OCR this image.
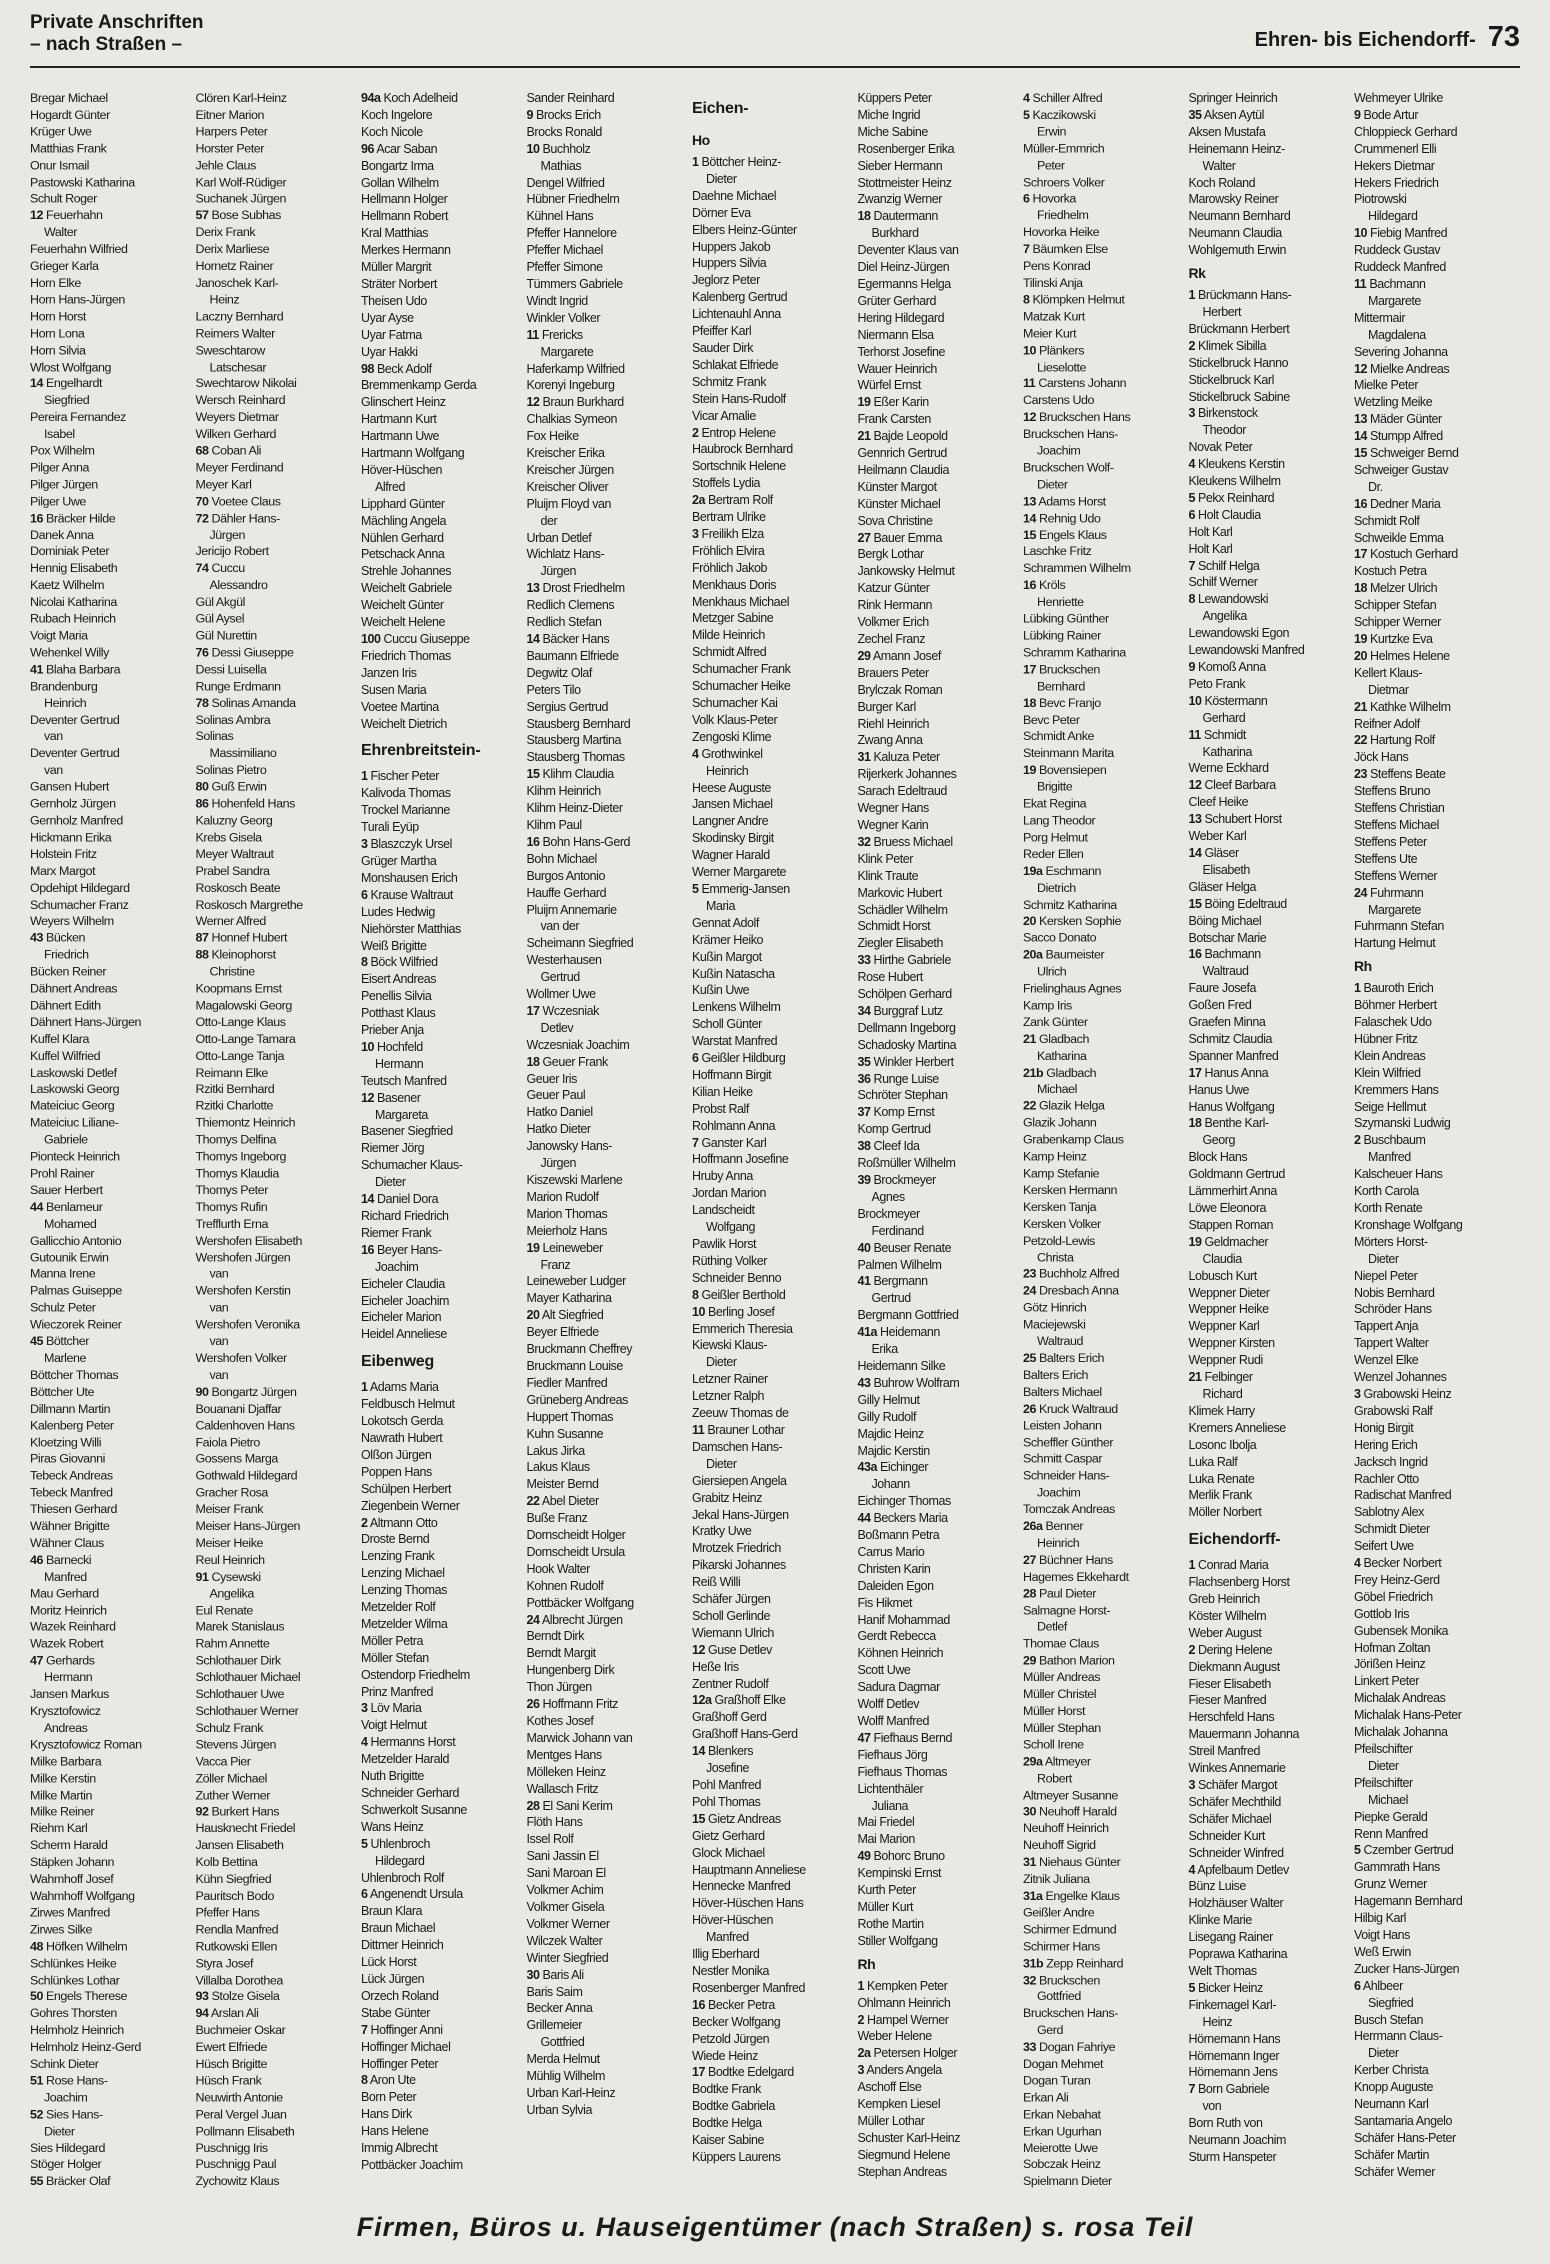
Private Anschriften
– nach Straßen –	Ehren- bis Eichendorff- 73
Bregar Michael
Hogardt Günter
Krüger Uwe
Matthias Frank
Onur Ismail
Pastowski Katharina
Schult Roger
12 Feuerhahn
Walter
Feuerhahn Wilfried
Grieger Karla
Horn Elke
Horn Hans-Jürgen
Horn Horst
Horn Lona
Horn Silvia
Wlost Wolfgang
14 Engelhardt
Siegfried
Pereira Fernandez
Isabel
Pox Wilhelm
Pilger Anna
Pilger Jürgen
Pilger Uwe
16 Bräcker Hilde
Danek Anna
Dominiak Peter
Hennig Elisabeth
Kaetz Wilhelm
Nicolai Katharina
Rubach Heinrich
Voigt Maria
Wehenkel Willy
41 Blaha Barbara
Brandenburg
Heinrich
Deventer Gertrud
van
Deventer Gertrud
van
Gansen Hubert
Gernholz Jürgen
Gernholz Manfred
Hickmann Erika
Holstein Fritz
Marx Margot
Opdehipt Hildegard
Schumacher Franz
Weyers Wilhelm
43 Bücken
Friedrich
Bücken Reiner
Dähnert Andreas
Dähnert Edith
Dähnert Hans-Jürgen
Kuffel Klara
Kuffel Wilfried
Laskowski Detlef
Laskowski Georg
Mateiciuc Georg
Mateiciuc Liliane-
Gabriele
Pionteck Heinrich
Prohl Rainer
Sauer Herbert
44 Benlameur
Mohamed
Gallicchio Antonio
Gutounik Erwin
Manna Irene
Palmas Guiseppe
Schulz Peter
Wieczorek Reiner
45 Böttcher
Marlene
Böttcher Thomas
Böttcher Ute
Dillmann Martin
Kalenberg Peter
Kloetzing Willi
Piras Giovanni
Tebeck Andreas
Tebeck Manfred
Thiesen Gerhard
Wähner Brigitte
Wähner Claus
46 Barnecki
Manfred
Mau Gerhard
Moritz Heinrich
Wazek Reinhard
Wazek Robert
47 Gerhards
Hermann
Jansen Markus
Krysztofowicz
Andreas
Krysztofowicz Roman
Milke Barbara
Milke Kerstin
Milke Martin
Milke Reiner
Riehm Karl
Scherm Harald
Stäpken Johann
Wahmhoff Josef
Wahmhoff Wolfgang
Zirwes Manfred
Zirwes Silke
48 Höfken Wilhelm
Schlünkes Heike
Schlünkes Lothar
50 Engels Therese
Gohres Thorsten
Helmholz Heinrich
Helmholz Heinz-Gerd
Schink Dieter
51 Rose Hans-
Joachim
52 Sies Hans-
Dieter
Sies Hildegard
Stöger Holger
55 Bräcker Olaf
Clören Karl-Heinz
Eitner Marion
Harpers Peter
Horster Peter
Jehle Claus
Karl Wolf-Rüdiger
Suchanek Jürgen
57 Bose Subhas
Derix Frank
Derix Marliese
Hornetz Rainer
Janoschek Karl-
Heinz
Laczny Bernhard
Reimers Walter
Sweschtarow
Latschesar
Swechtarow Nikolai
Wersch Reinhard
Weyers Dietmar
Wilken Gerhard
68 Coban Ali
Meyer Ferdinand
Meyer Karl
70 Voetee Claus
72 Dähler Hans-
Jürgen
Jericijo Robert
74 Cuccu
Alessandro
Gül Akgül
Gül Aysel
Gül Nurettin
76 Dessi Giuseppe
Dessi Luisella
Runge Erdmann
78 Solinas Amanda
Solinas Ambra
Solinas
Massimiliano
Solinas Pietro
80 Guß Erwin
86 Hohenfeld Hans
Kaluzny Georg
Krebs Gisela
Meyer Waltraut
Prabel Sandra
Roskosch Beate
Roskosch Margrethe
Werner Alfred
87 Honnef Hubert
88 Kleinophorst
Christine
Koopmans Ernst
Magalowski Georg
Otto-Lange Klaus
Otto-Lange Tamara
Otto-Lange Tanja
Reimann Elke
Rzitki Bernhard
Rzitki Charlotte
Thiemontz Heinrich
Thomys Delfina
Thomys Ingeborg
Thomys Klaudia
Thomys Peter
Thomys Rufin
Trefflurth Erna
Wershofen Elisabeth
Wershofen Jürgen
van
Wershofen Kerstin
van
Wershofen Veronika
van
Wershofen Volker
van
90 Bongartz Jürgen
Bouanani Djaffar
Caldenhoven Hans
Faiola Pietro
Gossens Marga
Gothwald Hildegard
Gracher Rosa
Meiser Frank
Meiser Hans-Jürgen
Meiser Heike
Reul Heinrich
91 Cysewski
Angelika
Eul Renate
Marek Stanislaus
Rahm Annette
Schlothauer Dirk
Schlothauer Michael
Schlothauer Uwe
Schlothauer Werner
Schulz Frank
Stevens Jürgen
Vacca Pier
Zöller Michael
Zuther Werner
92 Burkert Hans
Hausknecht Friedel
Jansen Elisabeth
Kolb Bettina
Kühn Siegfried
Pauritsch Bodo
Pfeffer Hans
Rendla Manfred
Rutkowski Ellen
Styra Josef
Villalba Dorothea
93 Stolze Gisela
94 Arslan Ali
Buchmeier Oskar
Ewert Elfriede
Hüsch Brigitte
Hüsch Frank
Neuwirth Antonie
Peral Vergel Juan
Pollmann Elisabeth
Puschnigg Iris
Puschnigg Paul
Zychowitz Klaus
94a Koch Adelheid
Koch Ingelore
Koch Nicole
96 Acar Saban
Bongartz Irma
Gollan Wilhelm
Hellmann Holger
Hellmann Robert
Kral Matthias
Merkes Hermann
Müller Margrit
Sträter Norbert
Theisen Udo
Uyar Ayse
Uyar Fatma
Uyar Hakki
98 Beck Adolf
Bremmenkamp Gerda
Glinschert Heinz
Hartmann Kurt
Hartmann Uwe
Hartmann Wolfgang
Höver-Hüschen
Alfred
Lipphard Günter
Mächling Angela
Nühlen Gerhard
Petschack Anna
Strehle Johannes
Weichelt Gabriele
Weichelt Günter
Weichelt Helene
100 Cuccu Giuseppe
Friedrich Thomas
Janzen Iris
Susen Maria
Voetee Martina
Weichelt Dietrich
Ehrenbreitstein-
1 Fischer Peter
Kalivoda Thomas
Trockel Marianne
Turali Eyüp
3 Blaszczyk Ursel
Grüger Martha
Monshausen Erich
6 Krause Waltraut
Ludes Hedwig
Niehörster Matthias
Weiß Brigitte
8 Böck Wilfried
Eisert Andreas
Penellis Silvia
Potthast Klaus
Prieber Anja
10 Hochfeld
Hermann
Teutsch Manfred
12 Basener
Margareta
Basener Siegfried
Riemer Jörg
Schumacher Klaus-
Dieter
14 Daniel Dora
Richard Friedrich
Riemer Frank
16 Beyer Hans-
Joachim
Eicheler Claudia
Eicheler Joachim
Eicheler Marion
Heidel Anneliese
Eibenweg
1 Adams Maria
Feldbusch Helmut
Lokotsch Gerda
Nawrath Hubert
Olßon Jürgen
Poppen Hans
Schülpen Herbert
Ziegenbein Werner
2 Altmann Otto
Droste Bernd
Lenzing Frank
Lenzing Michael
Lenzing Thomas
Metzelder Rolf
Metzelder Wilma
Möller Petra
Möller Stefan
Ostendorp Friedhelm
Prinz Manfred
3 Löv Maria
Voigt Helmut
4 Hermanns Horst
Metzelder Harald
Nuth Brigitte
Schneider Gerhard
Schwerkolt Susanne
Wans Heinz
5 Uhlenbroch
Hildegard
Uhlenbroch Rolf
6 Angenendt Ursula
Braun Klara
Braun Michael
Dittmer Heinrich
Lück Horst
Lück Jürgen
Orzech Roland
Stabe Günter
7 Hoffinger Anni
Hoffinger Michael
Hoffinger Peter
8 Aron Ute
Born Peter
Hans Dirk
Hans Helene
Immig Albrecht
Pottbäcker Joachim
Sander Reinhard
9 Brocks Erich
Brocks Ronald
10 Buchholz
Mathias
Dengel Wilfried
Hübner Friedhelm
Kühnel Hans
Pfeffer Hannelore
Pfeffer Michael
Pfeffer Simone
Tümmers Gabriele
Windt Ingrid
Winkler Volker
11 Frericks
Margarete
Haferkamp Wilfried
Korenyi Ingeburg
12 Braun Burkhard
Chalkias Symeon
Fox Heike
Kreischer Erika
Kreischer Jürgen
Kreischer Oliver
Pluijm Floyd van
der
Urban Detlef
Wichlatz Hans-
Jürgen
13 Drost Friedhelm
Redlich Clemens
Redlich Stefan
14 Bäcker Hans
Baumann Elfriede
Degwitz Olaf
Peters Tilo
Sergius Gertrud
Stausberg Bernhard
Stausberg Martina
Stausberg Thomas
15 Klihm Claudia
Klihm Heinrich
Klihm Heinz-Dieter
Klihm Paul
16 Bohn Hans-Gerd
Bohn Michael
Burgos Antonio
Hauffe Gerhard
Pluijm Annemarie
van der
Scheimann Siegfried
Westerhausen
Gertrud
Wollmer Uwe
17 Wczesniak
Detlev
Wczesniak Joachim
18 Geuer Frank
Geuer Iris
Geuer Paul
Hatko Daniel
Hatko Dieter
Janowsky Hans-
Jürgen
Kiszewski Marlene
Marion Rudolf
Marion Thomas
Meierholz Hans
19 Leineweber
Franz
Leineweber Ludger
Mayer Katharina
20 Alt Siegfried
Beyer Elfriede
Bruckmann Cheffrey
Bruckmann Louise
Fiedler Manfred
Grüneberg Andreas
Huppert Thomas
Kuhn Susanne
Lakus Jirka
Lakus Klaus
Meister Bernd
22 Abel Dieter
Buße Franz
Dornscheidt Holger
Dornscheidt Ursula
Hook Walter
Kohnen Rudolf
Pottbäcker Wolfgang
24 Albrecht Jürgen
Berndt Dirk
Berndt Margit
Hungenberg Dirk
Thon Jürgen
26 Hoffmann Fritz
Kothes Josef
Marwick Johann van
Mentges Hans
Mölleken Heinz
Wallasch Fritz
28 El Sani Kerim
Flöth Hans
Issel Rolf
Sani Jassin El
Sani Maroan El
Volkmer Achim
Volkmer Gisela
Volkmer Werner
Wilczek Walter
Winter Siegfried
30 Baris Ali
Baris Saim
Becker Anna
Grillemeier
Gottfried
Merda Helmut
Mühlig Wilhelm
Urban Karl-Heinz
Urban Sylvia
Eichen-
Ho
1 Böttcher Heinz-
Dieter
Daehne Michael
Dörner Eva
Elbers Heinz-Günter
Huppers Jakob
Huppers Silvia
Jeglorz Peter
Kalenberg Gertrud
Lichtenauhl Anna
Pfeiffer Karl
Sauder Dirk
Schlakat Elfriede
Schmitz Frank
Stein Hans-Rudolf
Vicar Amalie
2 Entrop Helene
Haubrock Bernhard
Sortschnik Helene
Stoffels Lydia
2a Bertram Rolf
Bertram Ulrike
3 Freilikh Elza
Fröhlich Elvira
Fröhlich Jakob
Menkhaus Doris
Menkhaus Michael
Metzger Sabine
Milde Heinrich
Schmidt Alfred
Schumacher Frank
Schumacher Heike
Schumacher Kai
Volk Klaus-Peter
Zengoski Klime
4 Grothwinkel
Heinrich
Heese Auguste
Jansen Michael
Langner Andre
Skodinsky Birgit
Wagner Harald
Werner Margarete
5 Emmerig-Jansen
Maria
Gennat Adolf
Krämer Heiko
Kußin Margot
Kußin Natascha
Kußin Uwe
Lenkens Wilhelm
Scholl Günter
Warstat Manfred
6 Geißler Hildburg
Hoffmann Birgit
Kilian Heike
Probst Ralf
Rohlmann Anna
7 Ganster Karl
Hoffmann Josefine
Hruby Anna
Jordan Marion
Landscheidt
Wolfgang
Pawlik Horst
Rüthing Volker
Schneider Benno
8 Geißler Berthold
10 Berling Josef
Emmerich Theresia
Kiewski Klaus-
Dieter
Letzner Rainer
Letzner Ralph
Zeeuw Thomas de
11 Brauner Lothar
Damschen Hans-
Dieter
Giersiepen Angela
Grabitz Heinz
Jekal Hans-Jürgen
Kratky Uwe
Mrotzek Friedrich
Pikarski Johannes
Reiß Willi
Schäfer Jürgen
Scholl Gerlinde
Wiemann Ulrich
12 Guse Detlev
Heße Iris
Zentner Rudolf
12a Graßhoff Elke
Graßhoff Gerd
Graßhoff Hans-Gerd
14 Blenkers
Josefine
Pohl Manfred
Pohl Thomas
15 Gietz Andreas
Gietz Gerhard
Glock Michael
Hauptmann Anneliese
Hennecke Manfred
Höver-Hüschen Hans
Höver-Hüschen
Manfred
Illig Eberhard
Nestler Monika
Rosenberger Manfred
16 Becker Petra
Becker Wolfgang
Petzold Jürgen
Wiede Heinz
17 Bodtke Edelgard
Bodtke Frank
Bodtke Gabriela
Bodtke Helga
Kaiser Sabine
Küppers Laurens
Küppers Peter
Miche Ingrid
Miche Sabine
Rosenberger Erika
Sieber Hermann
Stottmeister Heinz
Zwanzig Werner
18 Dautermann
Burkhard
Deventer Klaus van
Diel Heinz-Jürgen
Egermanns Helga
Grüter Gerhard
Hering Hildegard
Niermann Elsa
Terhorst Josefine
Wauer Heinrich
Würfel Ernst
19 Eßer Karin
Frank Carsten
21 Bajde Leopold
Gennrich Gertrud
Heilmann Claudia
Künster Margot
Künster Michael
Sova Christine
27 Bauer Emma
Bergk Lothar
Jankowsky Helmut
Katzur Günter
Rink Hermann
Volkmer Erich
Zechel Franz
29 Amann Josef
Brauers Peter
Brylczak Roman
Burger Karl
Riehl Heinrich
Zwang Anna
31 Kaluza Peter
Rijerkerk Johannes
Sarach Edeltraud
Wegner Hans
Wegner Karin
32 Bruess Michael
Klink Peter
Klink Traute
Markovic Hubert
Schädler Wilhelm
Schmidt Horst
Ziegler Elisabeth
33 Hirthe Gabriele
Rose Hubert
Schölpen Gerhard
34 Burggraf Lutz
Dellmann Ingeborg
Schadosky Martina
35 Winkler Herbert
36 Runge Luise
Schröter Stephan
37 Komp Ernst
Komp Gertrud
38 Cleef Ida
Roßmüller Wilhelm
39 Brockmeyer
Agnes
Brockmeyer
Ferdinand
40 Beuser Renate
Palmen Wilhelm
41 Bergmann
Gertrud
Bergmann Gottfried
41a Heidemann
Erika
Heidemann Silke
43 Buhrow Wolfram
Gilly Helmut
Gilly Rudolf
Majdic Heinz
Majdic Kerstin
43a Eichinger
Johann
Eichinger Thomas
44 Beckers Maria
Boßmann Petra
Carrus Mario
Christen Karin
Daleiden Egon
Fis Hikmet
Hanif Mohammad
Gerdt Rebecca
Köhnen Heinrich
Scott Uwe
Sadura Dagmar
Wolff Detlev
Wolff Manfred
47 Fiefhaus Bernd
Fiefhaus Jörg
Fiefhaus Thomas
Lichtenthäler
Juliana
Mai Friedel
Mai Marion
49 Bohorc Bruno
Kempinski Ernst
Kurth Peter
Müller Kurt
Rothe Martin
Stiller Wolfgang
Rh
1 Kempken Peter
Ohlmann Heinrich
2 Hampel Werner
Weber Helene
2a Petersen Holger
3 Anders Angela
Aschoff Else
Kempken Liesel
Müller Lothar
Schuster Karl-Heinz
Siegmund Helene
Stephan Andreas
4 Schiller Alfred
5 Kaczikowski
Erwin
Müller-Emmrich
Peter
Schroers Volker
6 Hovorka
Friedhelm
Hovorka Heike
7 Bäumken Else
Pens Konrad
Tilinski Anja
8 Klömpken Helmut
Matzak Kurt
Meier Kurt
10 Plänkers
Lieselotte
11 Carstens Johann
Carstens Udo
12 Bruckschen Hans
Bruckschen Hans-
Joachim
Bruckschen Wolf-
Dieter
13 Adams Horst
14 Rehnig Udo
15 Engels Klaus
Laschke Fritz
Schrammen Wilhelm
16 Kröls
Henriette
Lübking Günther
Lübking Rainer
Schramm Katharina
17 Bruckschen
Bernhard
18 Bevc Franjo
Bevc Peter
Schmidt Anke
Steinmann Marita
19 Bovensiepen
Brigitte
Ekat Regina
Lang Theodor
Porg Helmut
Reder Ellen
19a Eschmann
Dietrich
Schmitz Katharina
20 Kersken Sophie
Sacco Donato
20a Baumeister
Ulrich
Frielinghaus Agnes
Kamp Iris
Zank Günter
21 Gladbach
Katharina
21b Gladbach
Michael
22 Glazik Helga
Glazik Johann
Grabenkamp Claus
Kamp Heinz
Kamp Stefanie
Kersken Hermann
Kersken Tanja
Kersken Volker
Petzold-Lewis
Christa
23 Buchholz Alfred
24 Dresbach Anna
Götz Hinrich
Maciejewski
Waltraud
25 Balters Erich
Balters Erich
Balters Michael
26 Kruck Waltraud
Leisten Johann
Scheffler Günther
Schmitt Caspar
Schneider Hans-
Joachim
Tomczak Andreas
26a Benner
Heinrich
27 Büchner Hans
Hagemes Ekkehardt
28 Paul Dieter
Salmagne Horst-
Detlef
Thomae Claus
29 Bathon Marion
Müller Andreas
Müller Christel
Müller Horst
Müller Stephan
Scholl Irene
29a Altmeyer
Robert
Altmeyer Susanne
30 Neuhoff Harald
Neuhoff Heinrich
Neuhoff Sigrid
31 Niehaus Günter
Zitnik Juliana
31a Engelke Klaus
Geißler Andre
Schirmer Edmund
Schirmer Hans
31b Zepp Reinhard
32 Bruckschen
Gottfried
Bruckschen Hans-
Gerd
33 Dogan Fahriye
Dogan Mehmet
Dogan Turan
Erkan Ali
Erkan Nebahat
Erkan Ugurhan
Meierotte Uwe
Sobczak Heinz
Spielmann Dieter
Springer Heinrich
35 Aksen Aytül
Aksen Mustafa
Heinemann Heinz-
Walter
Koch Roland
Marowsky Reiner
Neumann Bernhard
Neumann Claudia
Wohlgemuth Erwin
Rk
1 Brückmann Hans-
Herbert
Brückmann Herbert
2 Klimek Sibilla
Stickelbruck Hanno
Stickelbruck Karl
Stickelbruck Sabine
3 Birkenstock
Theodor
Novak Peter
4 Kleukens Kerstin
Kleukens Wilhelm
5 Pekx Reinhard
6 Holt Claudia
Holt Karl
Holt Karl
7 Schilf Helga
Schilf Werner
8 Lewandowski
Angelika
Lewandowski Egon
Lewandowski Manfred
9 Komoß Anna
Peto Frank
10 Köstermann
Gerhard
11 Schmidt
Katharina
Werne Eckhard
12 Cleef Barbara
Cleef Heike
13 Schubert Horst
Weber Karl
14 Gläser
Elisabeth
Gläser Helga
15 Böing Edeltraud
Böing Michael
Botschar Marie
16 Bachmann
Waltraud
Faure Josefa
Goßen Fred
Graefen Minna
Schmitz Claudia
Spanner Manfred
17 Hanus Anna
Hanus Uwe
Hanus Wolfgang
18 Benthe Karl-
Georg
Block Hans
Goldmann Gertrud
Lämmerhirt Anna
Löwe Eleonora
Stappen Roman
19 Geldmacher
Claudia
Lobusch Kurt
Weppner Dieter
Weppner Heike
Weppner Karl
Weppner Kirsten
Weppner Rudi
21 Felbinger
Richard
Klimek Harry
Kremers Anneliese
Losonc Ibolja
Luka Ralf
Luka Renate
Merlik Frank
Möller Norbert
Eichendorff-
1 Conrad Maria
Flachsenberg Horst
Greb Heinrich
Köster Wilhelm
Weber August
2 Dering Helene
Diekmann August
Fieser Elisabeth
Fieser Manfred
Herschfeld Hans
Mauermann Johanna
Streil Manfred
Winkes Annemarie
3 Schäfer Margot
Schäfer Mechthild
Schäfer Michael
Schneider Kurt
Schneider Winfred
4 Apfelbaum Detlev
Bünz Luise
Holzhäuser Walter
Klinke Marie
Lisegang Rainer
Poprawa Katharina
Welt Thomas
5 Bicker Heinz
Finkernagel Karl-
Heinz
Hörnemann Hans
Hörnemann Inger
Hörnemann Jens
7 Born Gabriele
von
Born Ruth von
Neumann Joachim
Sturm Hanspeter
Wehmeyer Ulrike
9 Bode Artur
Chloppieck Gerhard
Crummenerl Elli
Hekers Dietmar
Hekers Friedrich
Piotrowski
Hildegard
10 Fiebig Manfred
Ruddeck Gustav
Ruddeck Manfred
11 Bachmann
Margarete
Mittermair
Magdalena
Severing Johanna
12 Mielke Andreas
Mielke Peter
Wetzling Meike
13 Mäder Günter
14 Stumpp Alfred
15 Schweiger Bernd
Schweiger Gustav
Dr.
16 Dedner Maria
Schmidt Rolf
Schweikle Emma
17 Kostuch Gerhard
Kostuch Petra
18 Melzer Ulrich
Schipper Stefan
Schipper Werner
19 Kurtzke Eva
20 Helmes Helene
Kellert Klaus-
Dietmar
21 Kathke Wilhelm
Reifner Adolf
22 Hartung Rolf
Jöck Hans
23 Steffens Beate
Steffens Bruno
Steffens Christian
Steffens Michael
Steffens Peter
Steffens Ute
Steffens Werner
24 Fuhrmann
Margarete
Fuhrmann Stefan
Hartung Helmut
Rh
1 Bauroth Erich
Böhmer Herbert
Falaschek Udo
Hübner Fritz
Klein Andreas
Klein Wilfried
Kremmers Hans
Seige Hellmut
Szymanski Ludwig
2 Buschbaum
Manfred
Kalscheuer Hans
Korth Carola
Korth Renate
Kronshage Wolfgang
Mörters Horst-
Dieter
Niepel Peter
Nobis Bernhard
Schröder Hans
Tappert Anja
Tappert Walter
Wenzel Elke
Wenzel Johannes
3 Grabowski Heinz
Grabowski Ralf
Honig Birgit
Hering Erich
Jacksch Ingrid
Rachler Otto
Radischat Manfred
Sablotny Alex
Schmidt Dieter
Seifert Uwe
4 Becker Norbert
Frey Heinz-Gerd
Göbel Friedrich
Gottlob Iris
Gubensek Monika
Hofman Zoltan
Jörißen Heinz
Linkert Peter
Michalak Andreas
Michalak Hans-Peter
Michalak Johanna
Pfeilschifter
Dieter
Pfeilschifter
Michael
Piepke Gerald
Renn Manfred
5 Czember Gertrud
Gammrath Hans
Grunz Werner
Hagemann Bernhard
Hilbig Karl
Voigt Hans
Weß Erwin
Zucker Hans-Jürgen
6 Ahlbeer
Siegfried
Busch Stefan
Herrmann Claus-
Dieter
Kerber Christa
Knopp Auguste
Neumann Karl
Santamaria Angelo
Schäfer Hans-Peter
Schäfer Martin
Schäfer Werner
Firmen, Büros u. Hauseigentümer (nach Straßen) s. rosa Teil
